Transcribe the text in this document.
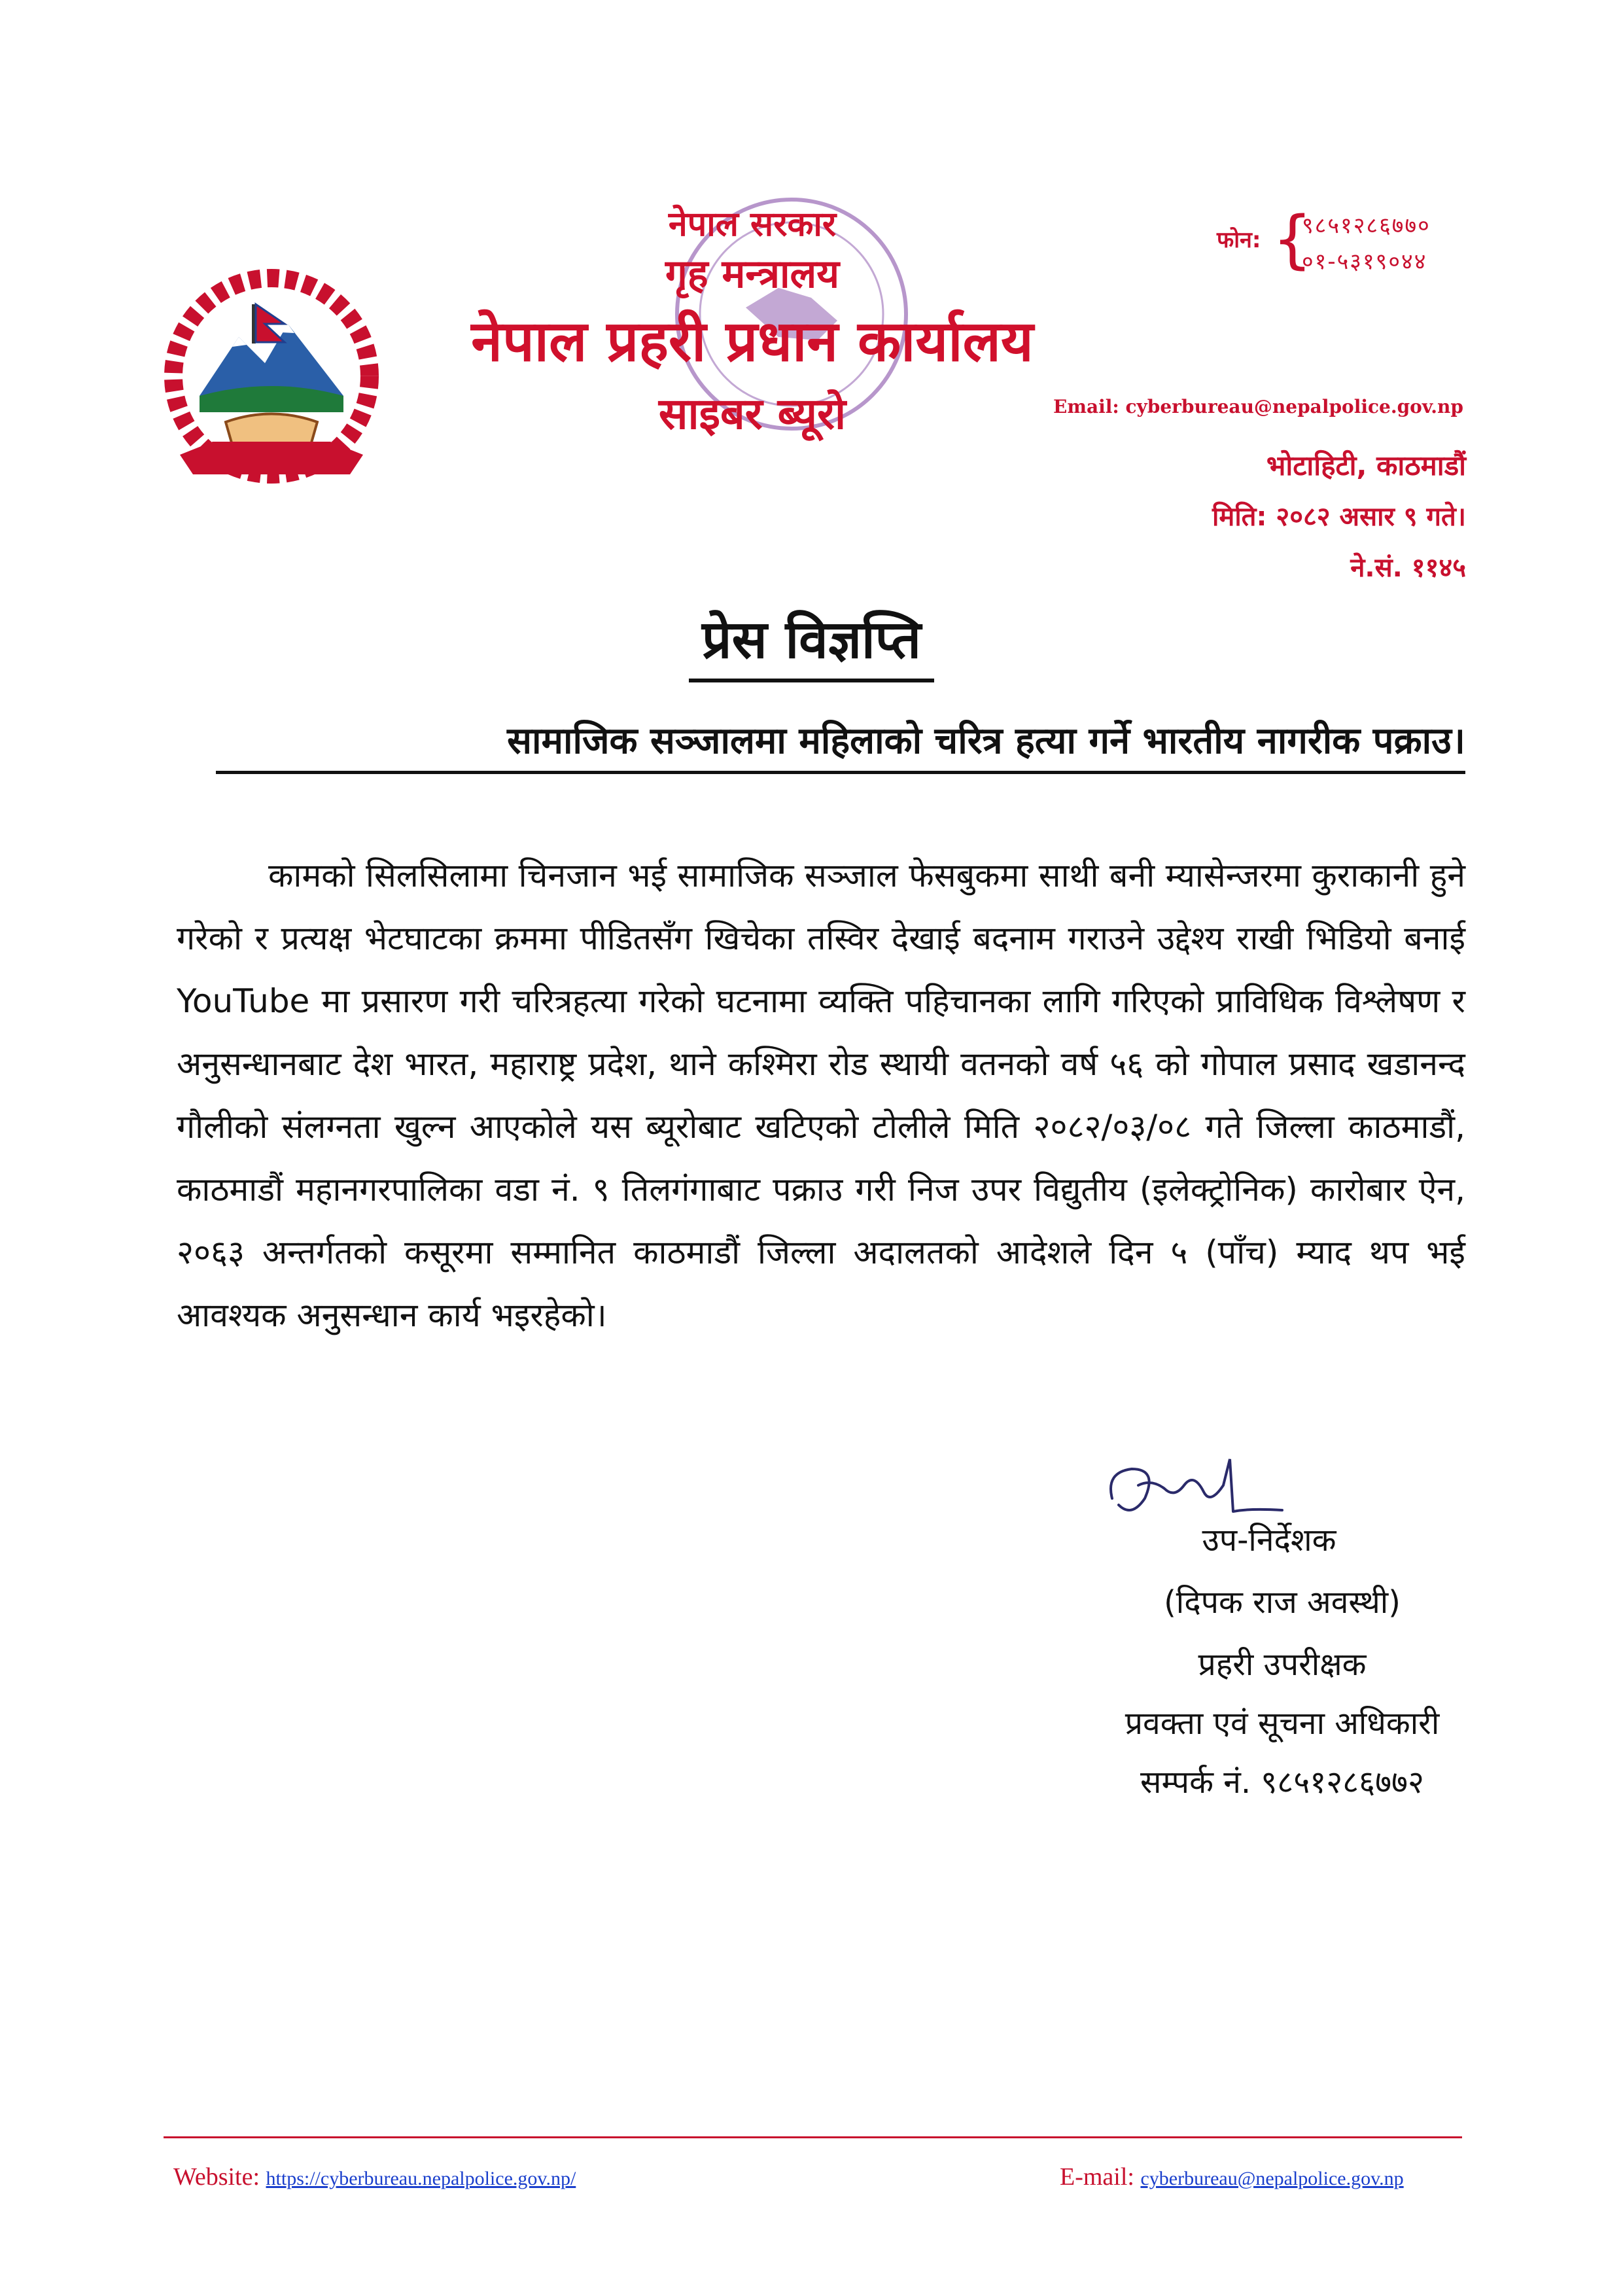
नेपाल सरकार
गृह मन्त्रालय
नेपाल प्रहरी प्रधान कार्यालय
साइबर ब्यूरो
फोन: {
९८५१२८६७७०
०१-५३१९०४४
Email: cyberbureau@nepalpolice.gov.np
भोटाहिटी, काठमाडौं
मिति: २०८२ असार ९ गते।
ने.सं. ११४५
प्रेस विज्ञप्ति
सामाजिक सञ्जालमा महिलाको चरित्र हत्या गर्ने भारतीय नागरीक पक्राउ।
कामको सिलसिलामा चिनजान भई सामाजिक सञ्जाल फेसबुकमा साथी बनी म्यासेन्जरमा कुराकानी हुने गरेको र प्रत्यक्ष भेटघाटका क्रममा पीडितसँग खिचेका तस्विर देखाई बदनाम गराउने उद्देश्य राखी भिडियो बनाई YouTube मा प्रसारण गरी चरित्रहत्या गरेको घटनामा व्यक्ति पहिचानका लागि गरिएको प्राविधिक विश्लेषण र अनुसन्धानबाट देश भारत, महाराष्ट्र प्रदेश, थाने कश्मिरा रोड स्थायी वतनको वर्ष ५६ को गोपाल प्रसाद खडानन्द गौलीको संलग्नता खुल्न आएकोले यस ब्यूरोबाट खटिएको टोलीले मिति २०८२/०३/०८ गते जिल्ला काठमाडौं, काठमाडौं महानगरपालिका वडा नं. ९ तिलगंगाबाट पक्राउ गरी निज उपर विद्युतीय (इलेक्ट्रोनिक) कारोबार ऐन, २०६३ अन्तर्गतको कसूरमा सम्मानित काठमाडौं जिल्ला अदालतको आदेशले दिन ५ (पाँच) म्याद थप भई आवश्यक अनुसन्धान कार्य भइरहेको।
उप-निर्देशक
(दिपक राज अवस्थी)
प्रहरी उपरीक्षक
प्रवक्ता एवं सूचना अधिकारी
सम्पर्क नं. ९८५१२८६७७२
Website: https://cyberbureau.nepalpolice.gov.np/	E-mail: cyberbureau@nepalpolice.gov.np
